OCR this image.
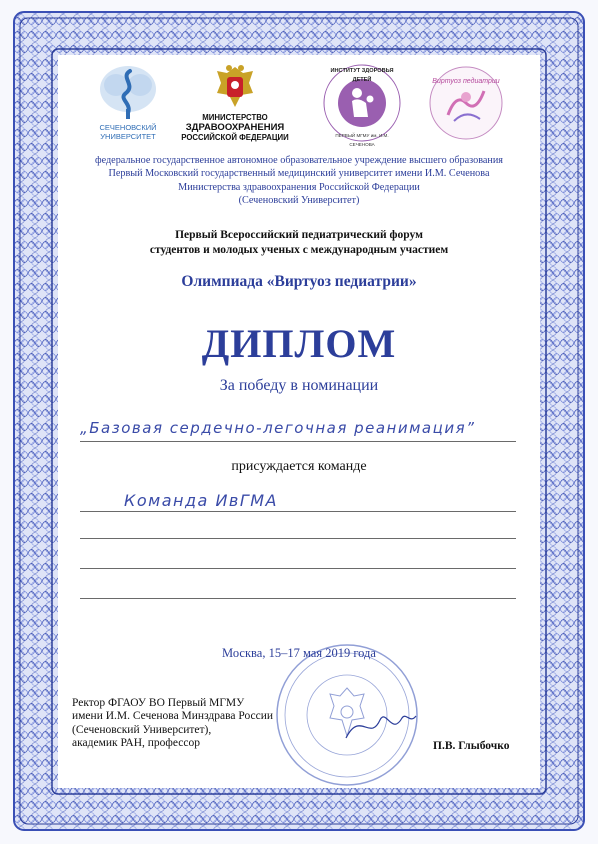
СЕЧЕНОВСКИЙ
УНИВЕРСИТЕТ
МИНИСТЕРСТВО
ЗДРАВООХРАНЕНИЯ
РОССИЙСКОЙ ФЕДЕРАЦИИ
ИНСТИТУТ ЗДОРОВЬЯ ДЕТЕЙ
ПЕРВЫЙ МГМУ им. И.М. СЕЧЕНОВА
Виртуоз педиатрии
федеральное государственное автономное образовательное учреждение высшего образования
Первый Московский государственный медицинский университет имени И.М. Сеченова
Министерства здравоохранения Российской Федерации
(Сеченовский Университет)
Первый Всероссийский педиатрический форум
студентов и молодых ученых с международным участием
Олимпиада «Виртуоз педиатрии»
ДИПЛОМ
За победу в номинации
„Базовая сердечно-легочная реанимация”
присуждается команде
Команда ИвГМА
Москва, 15–17 мая 2019 года
Ректор ФГАОУ ВО Первый МГМУ
имени И.М. Сеченова Минздрава России
(Сеченовский Университет),
академик РАН, профессор	П.В. Глыбочко
